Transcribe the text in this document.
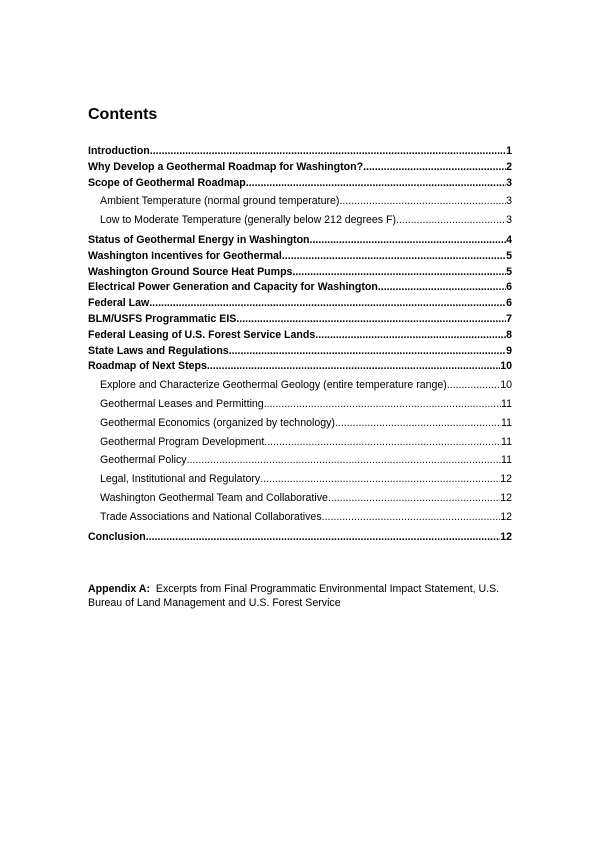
Contents
Introduction .....	1
Why Develop a Geothermal Roadmap for Washington? .....	2
Scope of Geothermal Roadmap .....	3
Ambient Temperature (normal ground temperature) .....	3
Low to Moderate Temperature (generally below 212 degrees F) .....	3
Status of Geothermal Energy in Washington .....	4
Washington Incentives for Geothermal .....	5
Washington Ground Source Heat Pumps .....	5
Electrical Power Generation and Capacity for Washington .....	6
Federal Law .....	6
BLM/USFS Programmatic EIS .....	7
Federal Leasing of U.S. Forest Service Lands .....	8
State Laws and Regulations .....	9
Roadmap of Next Steps .....	10
Explore and Characterize Geothermal Geology (entire temperature range) .....	10
Geothermal Leases and Permitting .....	11
Geothermal Economics (organized by technology) .....	11
Geothermal Program Development .....	11
Geothermal Policy .....	11
Legal, Institutional and Regulatory .....	12
Washington Geothermal Team and Collaborative .....	12
Trade Associations and National Collaboratives .....	12
Conclusion .....	12
Appendix A: Excerpts from Final Programmatic Environmental Impact Statement, U.S. Bureau of Land Management and U.S. Forest Service
